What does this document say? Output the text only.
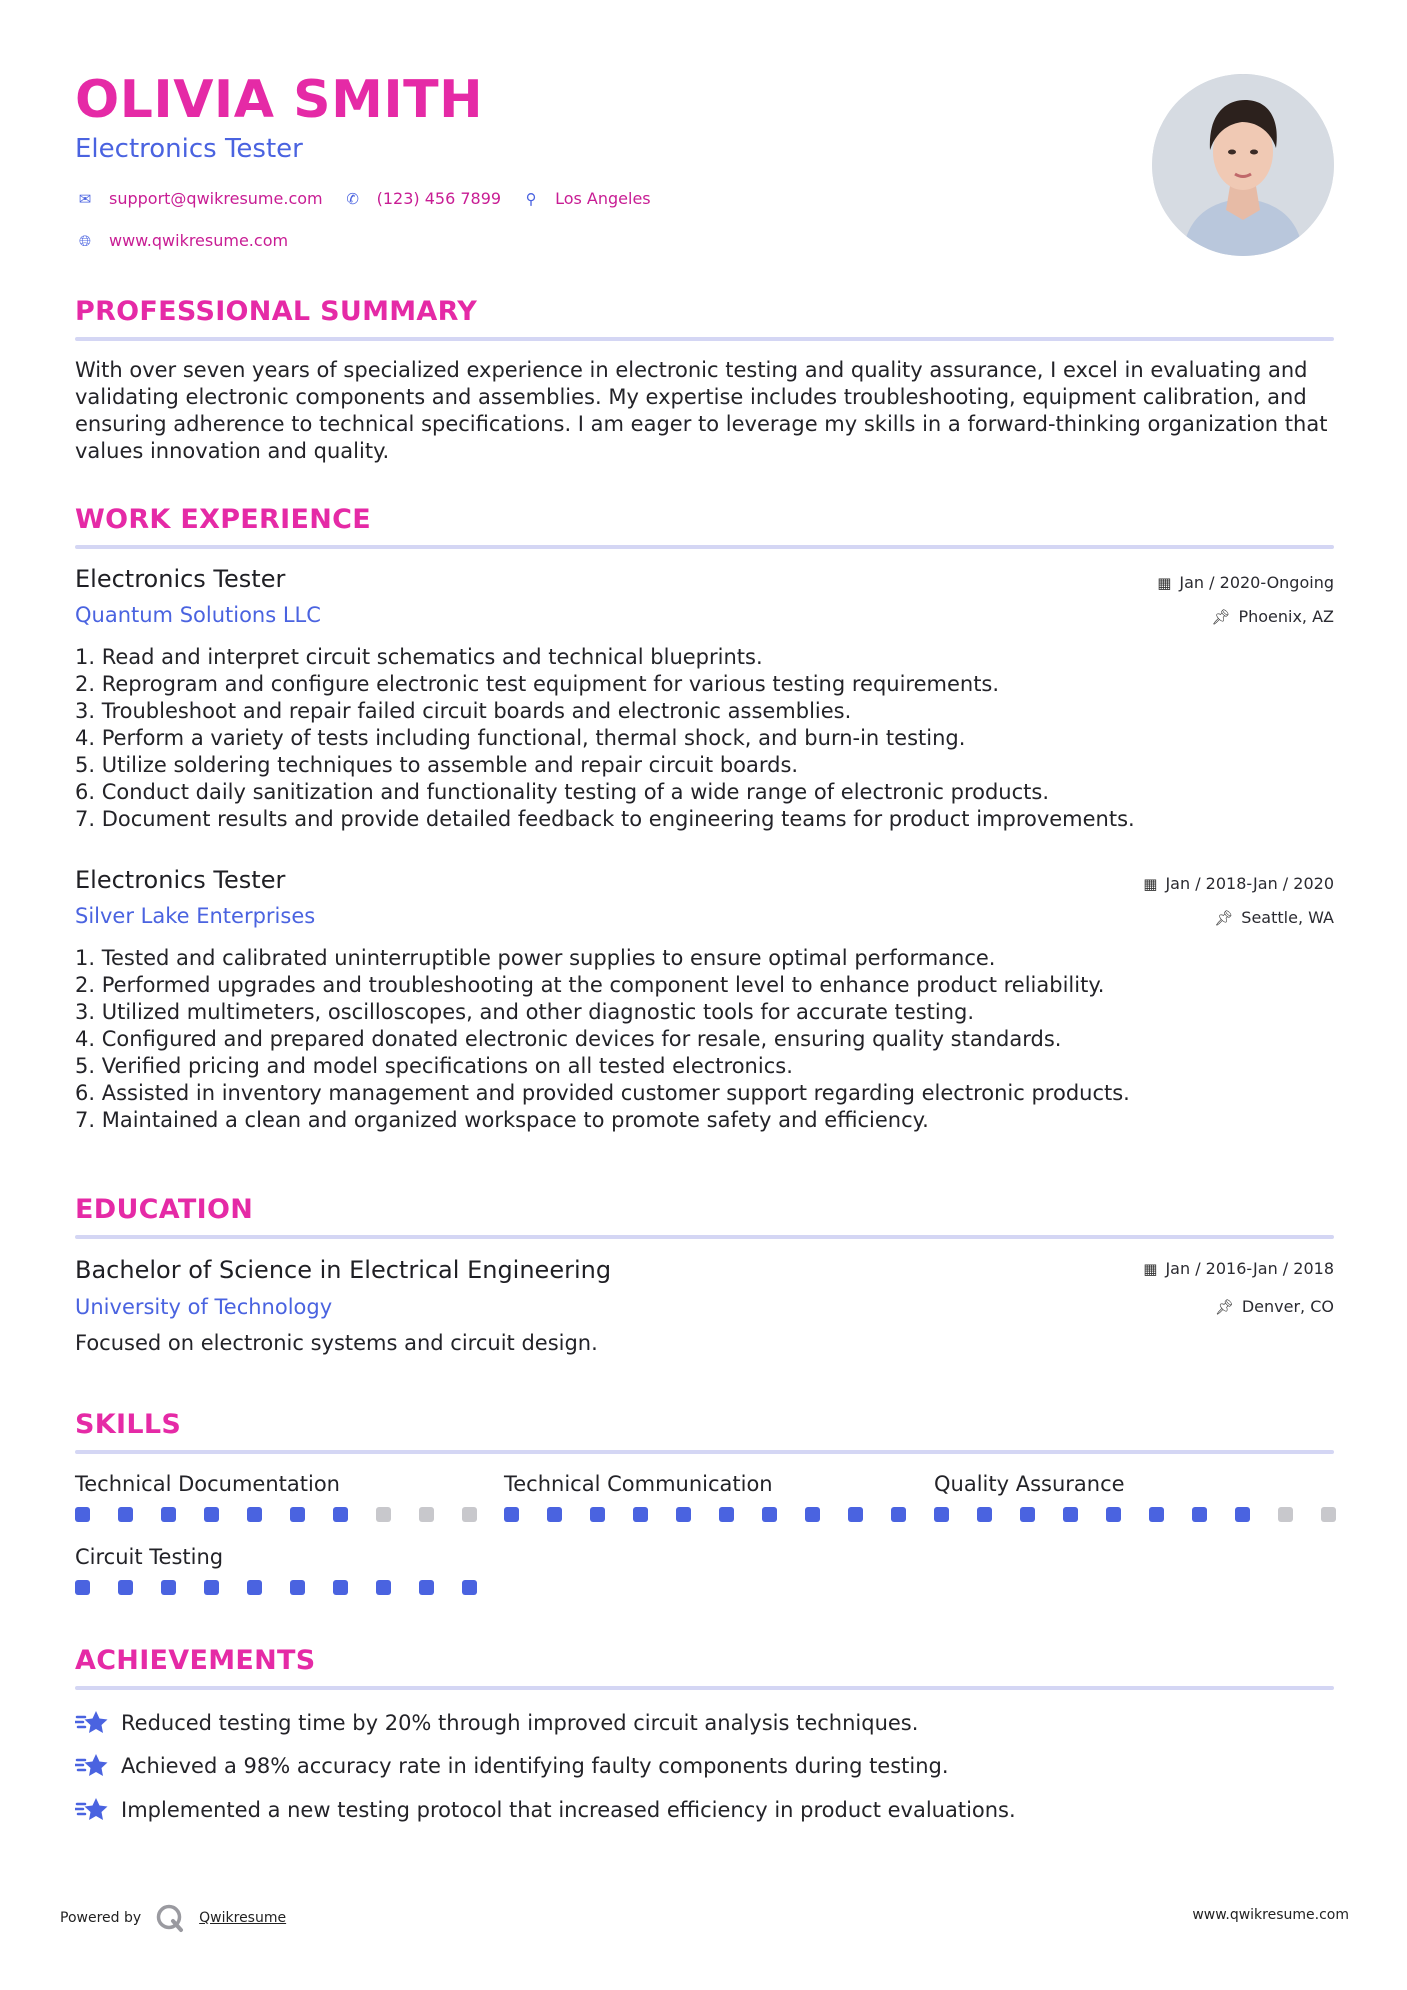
OLIVIA SMITH
Electronics Tester
✉ support@qwikresume.com ✆ (123) 456 7899	⚲ Los Angeles
🌐︎ www.qwikresume.com
PROFESSIONAL SUMMARY
With over seven years of specialized experience in electronic testing and quality assurance, I excel in evaluating and validating electronic components and assemblies. My expertise includes troubleshooting, equipment calibration, and ensuring adherence to technical specifications. I am eager to leverage my skills in a forward-thinking organization that values innovation and quality.
WORK EXPERIENCE
Electronics Tester
Quantum Solutions LLC
▦ Jan / 2020-Ongoing
📌︎ Phoenix, AZ
1. Read and interpret circuit schematics and technical blueprints.
2. Reprogram and configure electronic test equipment for various testing requirements.
3. Troubleshoot and repair failed circuit boards and electronic assemblies.
4. Perform a variety of tests including functional, thermal shock, and burn-in testing.
5. Utilize soldering techniques to assemble and repair circuit boards.
6. Conduct daily sanitization and functionality testing of a wide range of electronic products.
7. Document results and provide detailed feedback to engineering teams for product improvements.
Electronics Tester
Silver Lake Enterprises
▦ Jan / 2018-Jan / 2020
📌︎ Seattle, WA
1. Tested and calibrated uninterruptible power supplies to ensure optimal performance.
2. Performed upgrades and troubleshooting at the component level to enhance product reliability.
3. Utilized multimeters, oscilloscopes, and other diagnostic tools for accurate testing.
4. Configured and prepared donated electronic devices for resale, ensuring quality standards.
5. Verified pricing and model specifications on all tested electronics.
6. Assisted in inventory management and provided customer support regarding electronic products.
7. Maintained a clean and organized workspace to promote safety and efficiency.
EDUCATION
Bachelor of Science in Electrical Engineering
University of Technology
▦ Jan / 2016-Jan / 2018
📌︎ Denver, CO
Focused on electronic systems and circuit design.
SKILLS
Technical Documentation	Technical Communication	Quality Assurance
Circuit Testing
ACHIEVEMENTS
Reduced testing time by 20% through improved circuit analysis techniques.
Achieved a 98% accuracy rate in identifying faulty components during testing.
Implemented a new testing protocol that increased efficiency in product evaluations.
Powered by	Qwikresume	www.qwikresume.com
